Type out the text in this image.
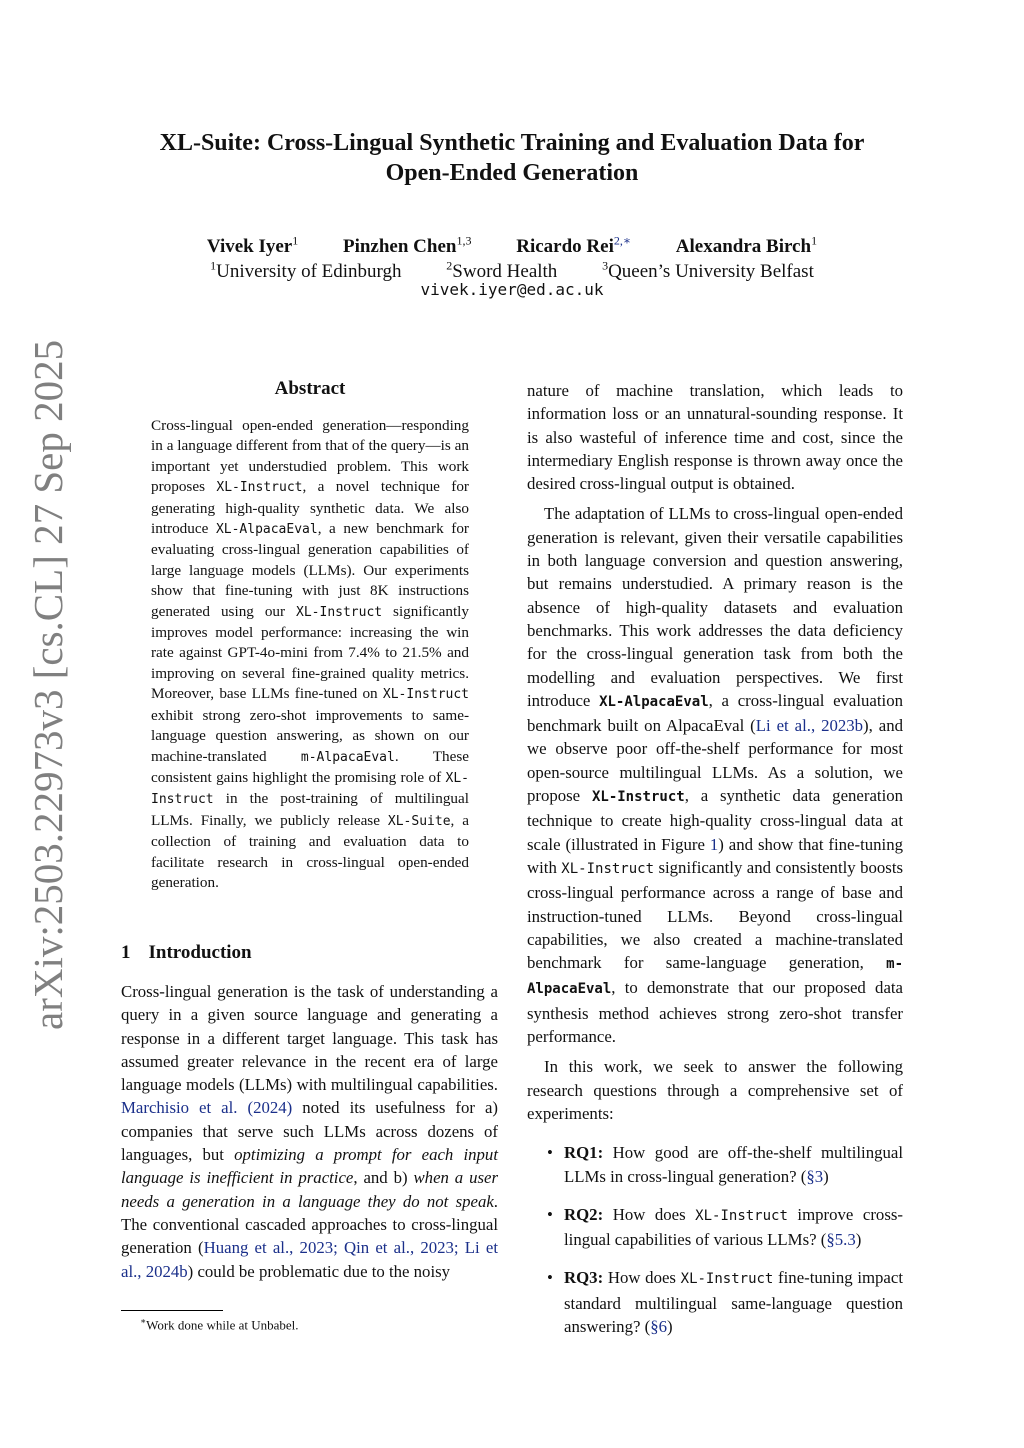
arXiv:2503.22973v3 [cs.CL] 27 Sep 2025
XL-Suite: Cross-Lingual Synthetic Training and Evaluation Data for
Open-Ended Generation
Vivek Iyer$^1$ Pinzhen Chen$^{1,3}$ Ricardo Rei$^{2,∗}$ Alexandra Birch$^1$
$^1$University of Edinburgh	$^2$Sword Health	$^3$Queen’s University Belfast
vivek.iyer@ed.ac.uk
Abstract
Cross-lingual open-ended generation—responding in a language different from that of the query—is an important yet understudied problem. This work proposes XL-Instruct, a novel technique for generating high-quality synthetic data. We also introduce XL-AlpacaEval, a new benchmark for evaluating cross-lingual generation capabilities of large language models (LLMs). Our experiments show that fine-tuning with just 8K instructions generated using our XL-Instruct significantly improves model performance: increasing the win rate against GPT-4o-mini from 7.4% to 21.5% and improving on several fine-grained quality metrics. Moreover, base LLMs fine-tuned on XL-Instruct exhibit strong zero-shot improvements to same-language question answering, as shown on our machine-translated m-AlpacaEval. These consistent gains highlight the promising role of XL-Instruct in the post-training of multilingual LLMs. Finally, we publicly release XL-Suite, a collection of training and evaluation data to facilitate research in cross-lingual open-ended generation.
1 Introduction
Cross-lingual generation is the task of understanding a query in a given source language and generating a response in a different target language. This task has assumed greater relevance in the recent era of large language models (LLMs) with multilingual capabilities. Marchisio et al. (2024) noted its usefulness for a) companies that serve such LLMs across dozens of languages, but optimizing a prompt for each input language is inefficient in practice, and b) when a user needs a generation in a language they do not speak. The conventional cascaded approaches to cross-lingual generation (Huang et al., 2023; Qin et al., 2023; Li et al., 2024b) could be problematic due to the noisy
∗Work done while at Unbabel.

nature of machine translation, which leads to information loss or an unnatural-sounding response. It is also wasteful of inference time and cost, since the intermediary English response is thrown away once the desired cross-lingual output is obtained.

The adaptation of LLMs to cross-lingual open-ended generation is relevant, given their versatile capabilities in both language conversion and question answering, but remains understudied. A primary reason is the absence of high-quality datasets and evaluation benchmarks. This work addresses the data deficiency for the cross-lingual generation task from both the modelling and evaluation perspectives. We first introduce XL-AlpacaEval, a cross-lingual evaluation benchmark built on AlpacaEval (Li et al., 2023b), and we observe poor off-the-shelf performance for most open-source multilingual LLMs. As a solution, we propose XL-Instruct, a synthetic data generation technique to create high-quality cross-lingual data at scale (illustrated in Figure 1) and show that fine-tuning with XL-Instruct significantly and consistently boosts cross-lingual performance across a range of base and instruction-tuned LLMs. Beyond cross-lingual capabilities, we also created a machine-translated benchmark for same-language generation, m-AlpacaEval, to demonstrate that our proposed data synthesis method achieves strong zero-shot transfer performance.

In this work, we seek to answer the following research questions through a comprehensive set of experiments:

• RQ1: How good are off-the-shelf multilingual LLMs in cross-lingual generation? (§3)
• RQ2: How does XL-Instruct improve cross-lingual capabilities of various LLMs? (§5.3)
• RQ3: How does XL-Instruct fine-tuning impact standard multilingual same-language question answering? (§6)
